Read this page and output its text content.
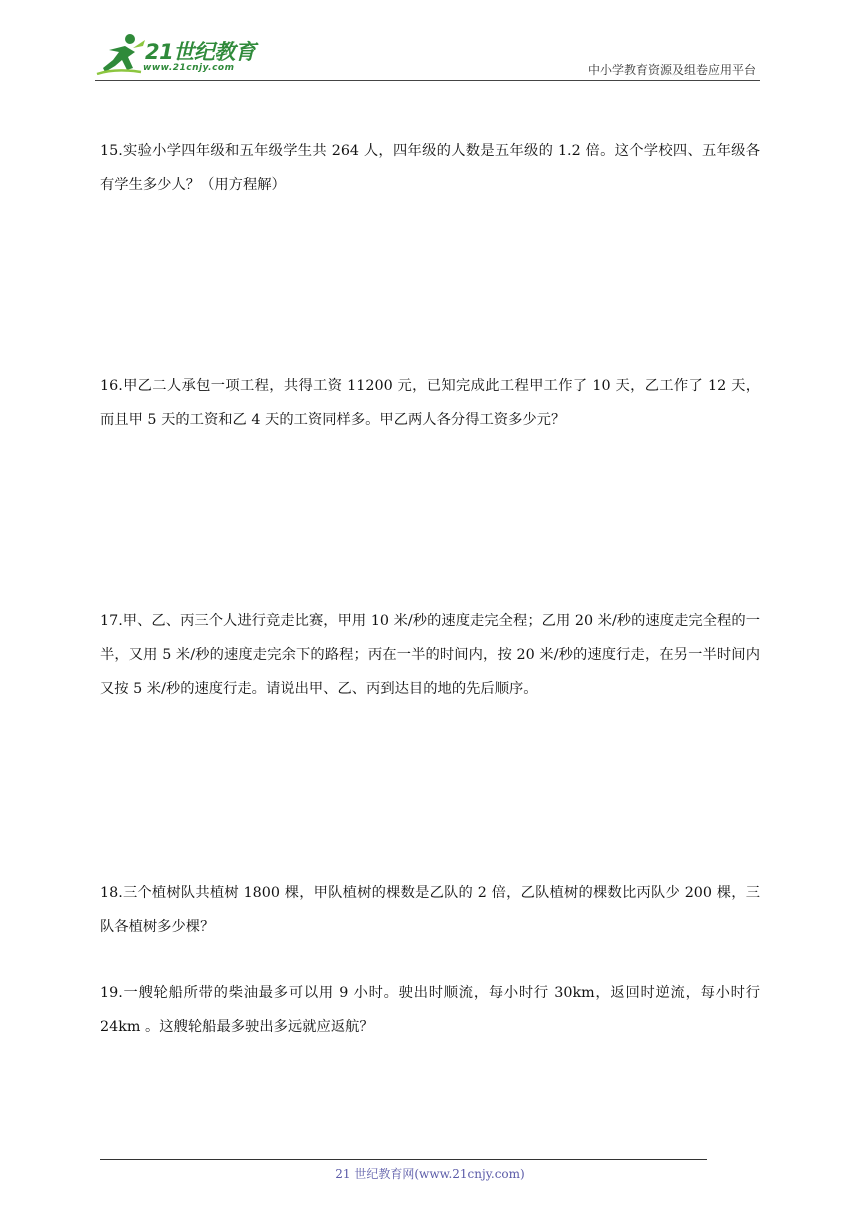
21世纪教育
www.21cnjy.com	中小学教育资源及组卷应用平台
15.实验小学四年级和五年级学生共 264 人，四年级的人数是五年级的 1.2 倍。这个学校四、五年级各有学生多少人？（用方程解）
16.甲乙二人承包一项工程，共得工资 11200 元，已知完成此工程甲工作了 10 天，乙工作了 12 天，而且甲 5 天的工资和乙 4 天的工资同样多。甲乙两人各分得工资多少元？
17.甲、乙、丙三个人进行竞走比赛，甲用 10 米/秒的速度走完全程；乙用 20 米/秒的速度走完全程的一半，又用 5 米/秒的速度走完余下的路程；丙在一半的时间内，按 20 米/秒的速度行走，在另一半时间内又按 5 米/秒的速度行走。请说出甲、乙、丙到达目的地的先后顺序。
18.三个植树队共植树 1800 棵，甲队植树的棵数是乙队的 2 倍，乙队植树的棵数比丙队少 200 棵，三队各植树多少棵？
19.一艘轮船所带的柴油最多可以用 9 小时。驶出时顺流，每小时行 30km，返回时逆流，每小时行 24km 。这艘轮船最多驶出多远就应返航？
21 世纪教育网(www.21cnjy.com)
